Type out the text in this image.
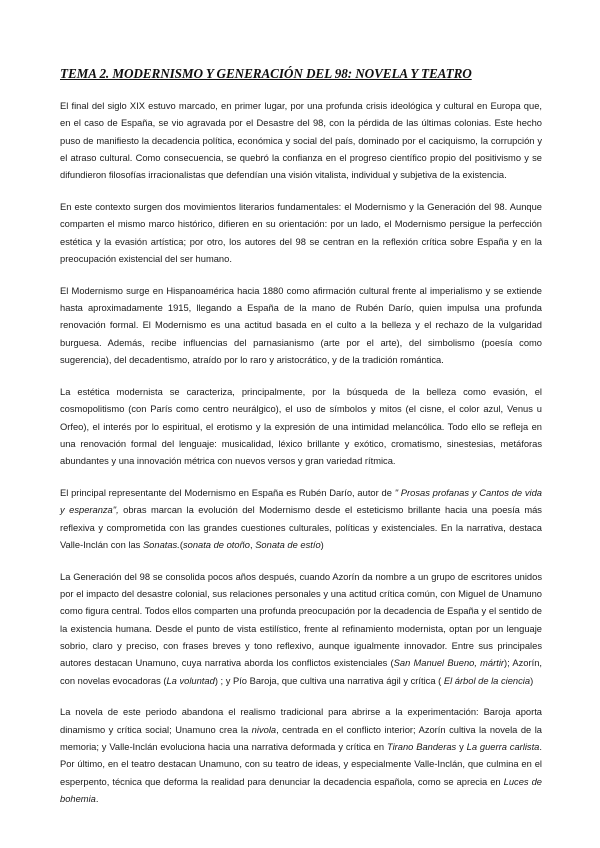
TEMA 2. MODERNISMO Y GENERACIÓN DEL 98: NOVELA Y TEATRO

El final del siglo XIX estuvo marcado, en primer lugar, por una profunda crisis ideológica y cultural en Europa que, en el caso de España, se vio agravada por el Desastre del 98, con la pérdida de las últimas colonias. Este hecho puso de manifiesto la decadencia política, económica y social del país, dominado por el caciquismo, la corrupción y el atraso cultural. Como consecuencia, se quebró la confianza en el progreso científico propio del positivismo y se difundieron filosofías irracionalistas que defendían una visión vitalista, individual y subjetiva de la existencia.

En este contexto surgen dos movimientos literarios fundamentales: el Modernismo y la Generación del 98. Aunque comparten el mismo marco histórico, difieren en su orientación: por un lado, el Modernismo persigue la perfección estética y la evasión artística; por otro, los autores del 98 se centran en la reflexión crítica sobre España y en la preocupación existencial del ser humano.

El Modernismo surge en Hispanoamérica hacia 1880 como afirmación cultural frente al imperialismo y se extiende hasta aproximadamente 1915, llegando a España de la mano de Rubén Darío, quien impulsa una profunda renovación formal. El Modernismo es una actitud basada en el culto a la belleza y el rechazo de la vulgaridad burguesa. Además, recibe influencias del parnasianismo (arte por el arte), del simbolismo (poesía como sugerencia), del decadentismo, atraído por lo raro y aristocrático, y de la tradición romántica.

La estética modernista se caracteriza, principalmente, por la búsqueda de la belleza como evasión, el cosmopolitismo (con París como centro neurálgico), el uso de símbolos y mitos (el cisne, el color azul, Venus u Orfeo), el interés por lo espiritual, el erotismo y la expresión de una intimidad melancólica. Todo ello se refleja en una renovación formal del lenguaje: musicalidad, léxico brillante y exótico, cromatismo, sinestesias, metáforas abundantes y una innovación métrica con nuevos versos y gran variedad rítmica.

El principal representante del Modernismo en España es Rubén Darío, autor de " Prosas profanas y Cantos de vida y esperanza", obras marcan la evolución del Modernismo desde el esteticismo brillante hacia una poesía más reflexiva y comprometida con las grandes cuestiones culturales, políticas y existenciales. En la narrativa, destaca Valle-Inclán con las Sonatas.(sonata de otoño, Sonata de estío)

La Generación del 98 se consolida pocos años después, cuando Azorín da nombre a un grupo de escritores unidos por el impacto del desastre colonial, sus relaciones personales y una actitud crítica común, con Miguel de Unamuno como figura central. Todos ellos comparten una profunda preocupación por la decadencia de España y el sentido de la existencia humana. Desde el punto de vista estilístico, frente al refinamiento modernista, optan por un lenguaje sobrio, claro y preciso, con frases breves y tono reflexivo, aunque igualmente innovador. Entre sus principales autores destacan Unamuno, cuya narrativa aborda los conflictos existenciales (San Manuel Bueno, mártir); Azorín, con novelas evocadoras (La voluntad) ; y Pío Baroja, que cultiva una narrativa ágil y crítica ( El árbol de la ciencia)

La novela de este periodo abandona el realismo tradicional para abrirse a la experimentación: Baroja aporta dinamismo y crítica social; Unamuno crea la nivola, centrada en el conflicto interior; Azorín cultiva la novela de la memoria; y Valle-Inclán evoluciona hacia una narrativa deformada y crítica en Tirano Banderas y La guerra carlista. Por último, en el teatro destacan Unamuno, con su teatro de ideas, y especialmente Valle-Inclán, que culmina en el esperpento, técnica que deforma la realidad para denunciar la decadencia española, como se aprecia en Luces de bohemia.
